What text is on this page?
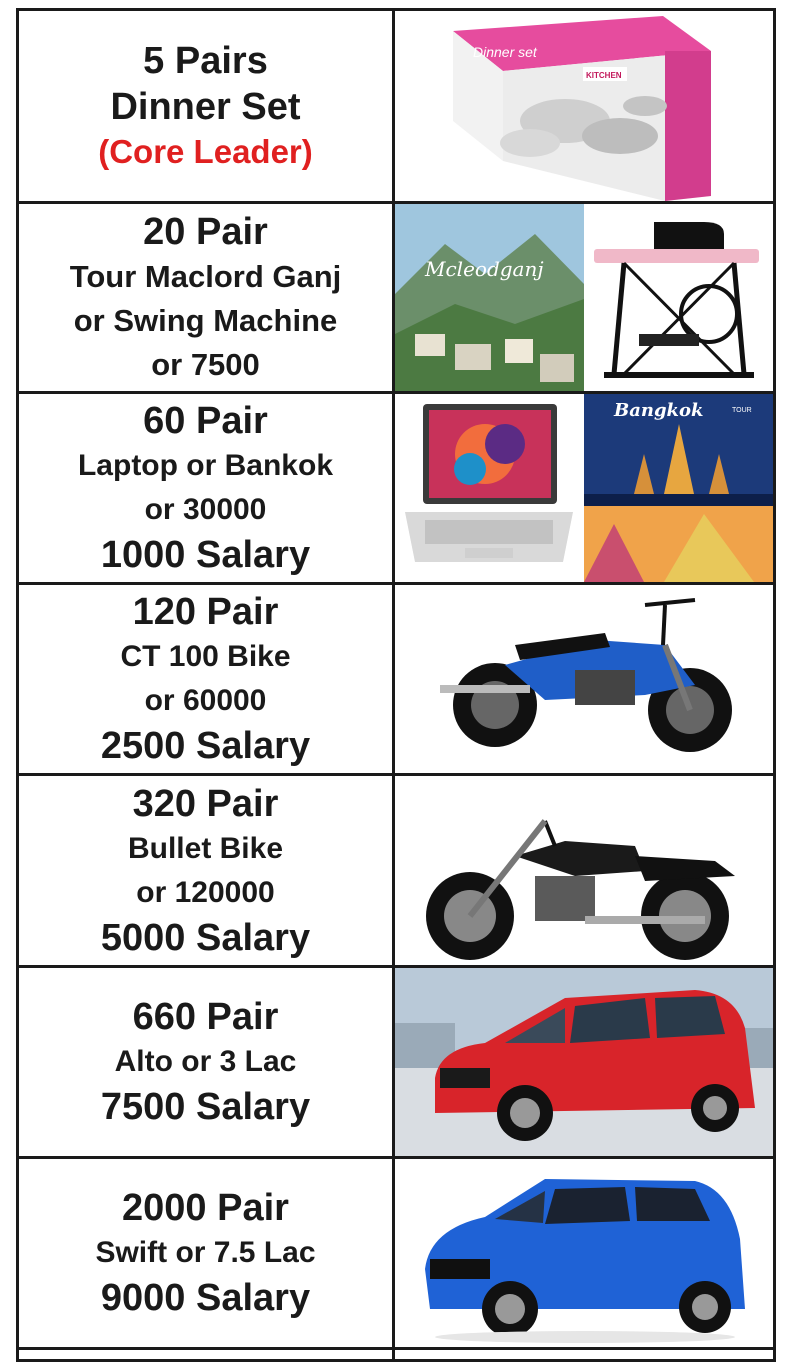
5 Pairs
Dinner Set
(Core Leader)	Dinner set
KITCHEN

20 Pair
Tour Maclord Ganj
or Swing Machine
or 7500	Mcleodganj

60 Pair
Laptop or Bankok
or 30000
1000 Salary	Bangkok TOUR

120 Pair
CT 100 Bike
or 60000
2500 Salary

320 Pair
Bullet Bike
or 120000
5000 Salary

660 Pair
Alto or 3 Lac
7500 Salary

2000 Pair
Swift or 7.5 Lac
9000 Salary
